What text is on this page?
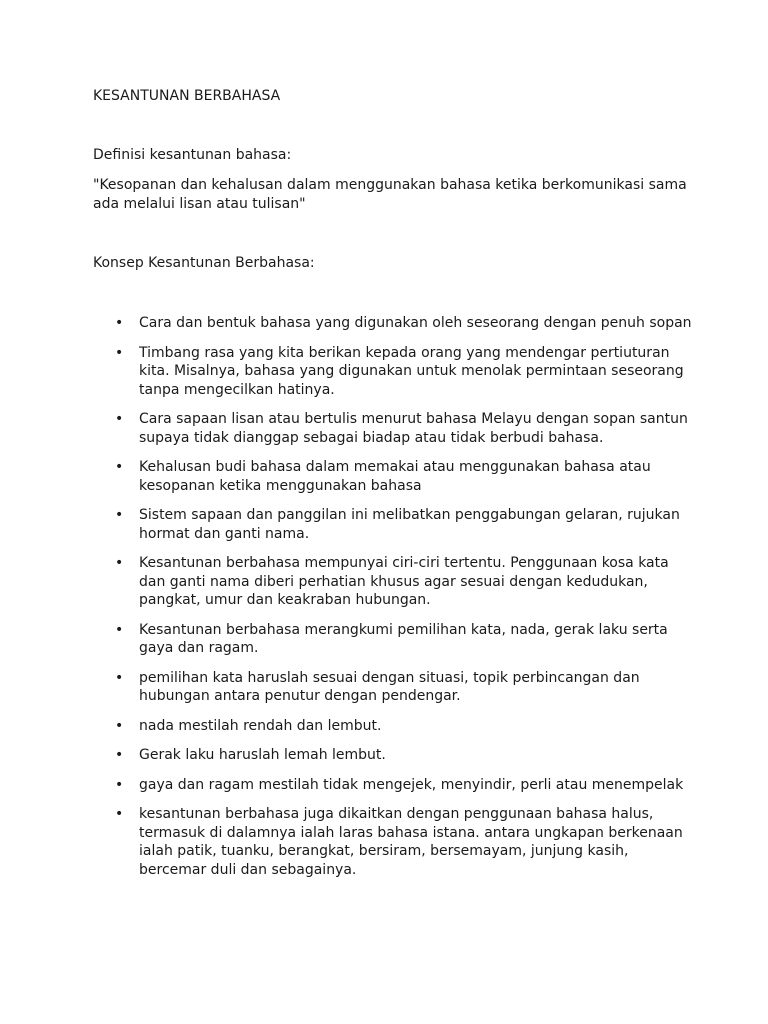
KESANTUNAN BERBAHASA
Definisi kesantunan bahasa:
"Kesopanan dan kehalusan dalam menggunakan bahasa ketika berkomunikasi sama ada melalui lisan atau tulisan"
Konsep Kesantunan Berbahasa:
• Cara dan bentuk bahasa yang digunakan oleh seseorang dengan penuh sopan
• Timbang rasa yang kita berikan kepada orang yang mendengar pertiuturan kita. Misalnya, bahasa yang digunakan untuk menolak permintaan seseorang tanpa mengecilkan hatinya.
• Cara sapaan lisan atau bertulis menurut bahasa Melayu dengan sopan santun supaya tidak dianggap sebagai biadap atau tidak berbudi bahasa.
• Kehalusan budi bahasa dalam memakai atau menggunakan bahasa atau kesopanan ketika menggunakan bahasa
• Sistem sapaan dan panggilan ini melibatkan penggabungan gelaran, rujukan hormat dan ganti nama.
• Kesantunan berbahasa mempunyai ciri-ciri tertentu. Penggunaan kosa kata dan ganti nama diberi perhatian khusus agar sesuai dengan kedudukan, pangkat, umur dan keakraban hubungan.
• Kesantunan berbahasa merangkumi pemilihan kata, nada, gerak laku serta gaya dan ragam.
• pemilihan kata haruslah sesuai dengan situasi, topik perbincangan dan hubungan antara penutur dengan pendengar.
• nada mestilah rendah dan lembut.
• Gerak laku haruslah lemah lembut.
• gaya dan ragam mestilah tidak mengejek, menyindir, perli atau menempelak
• kesantunan berbahasa juga dikaitkan dengan penggunaan bahasa halus, termasuk di dalamnya ialah laras bahasa istana. antara ungkapan berkenaan ialah patik, tuanku, berangkat, bersiram, bersemayam, junjung kasih, bercemar duli dan sebagainya.
